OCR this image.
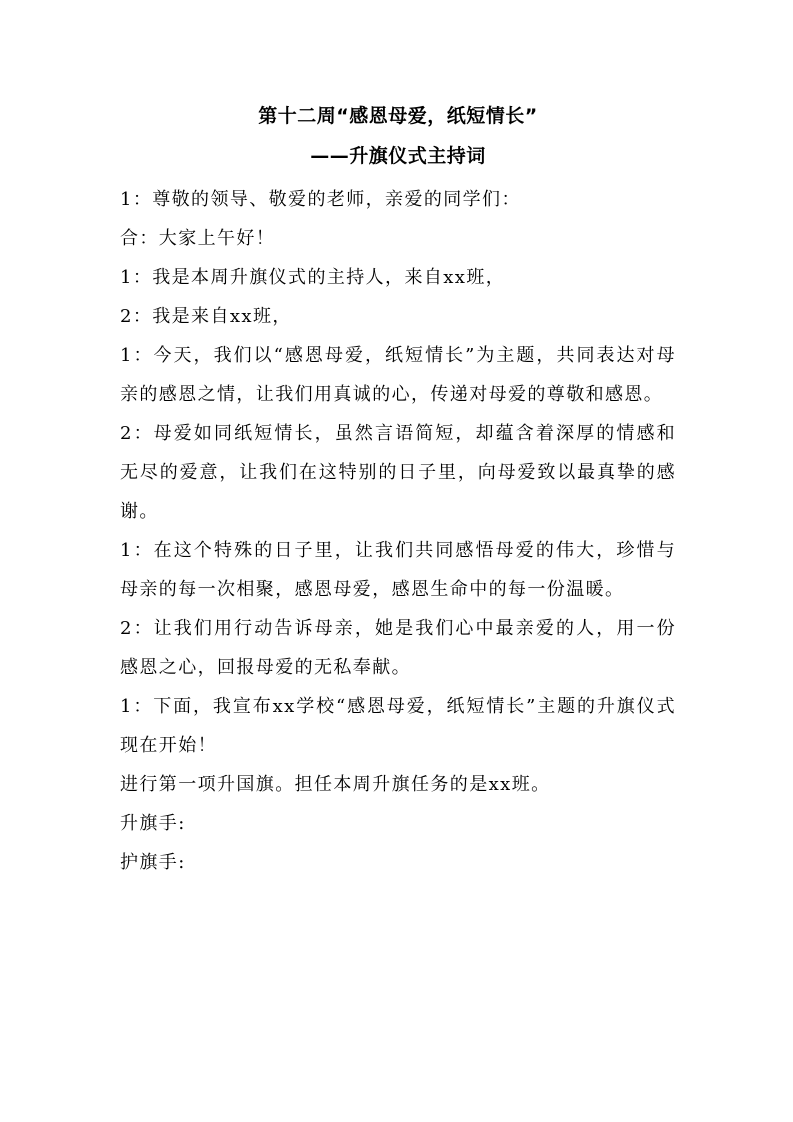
第十二周“感恩母爱，纸短情长”

——升旗仪式主持词

1：尊敬的领导、敬爱的老师，亲爱的同学们：

合：大家上午好！

1：我是本周升旗仪式的主持人，来自xx班，

2：我是来自xx班，

1：今天，我们以“感恩母爱，纸短情长”为主题，共同表达对母亲的感恩之情，让我们用真诚的心，传递对母爱的尊敬和感恩。

2：母爱如同纸短情长，虽然言语简短，却蕴含着深厚的情感和无尽的爱意，让我们在这特别的日子里，向母爱致以最真挚的感谢。

1：在这个特殊的日子里，让我们共同感悟母爱的伟大，珍惜与母亲的每一次相聚，感恩母爱，感恩生命中的每一份温暖。

2：让我们用行动告诉母亲，她是我们心中最亲爱的人，用一份感恩之心，回报母爱的无私奉献。

1：下面，我宣布xx学校“感恩母爱，纸短情长”主题的升旗仪式现在开始！

进行第一项升国旗。担任本周升旗任务的是xx班。

升旗手:

护旗手:
